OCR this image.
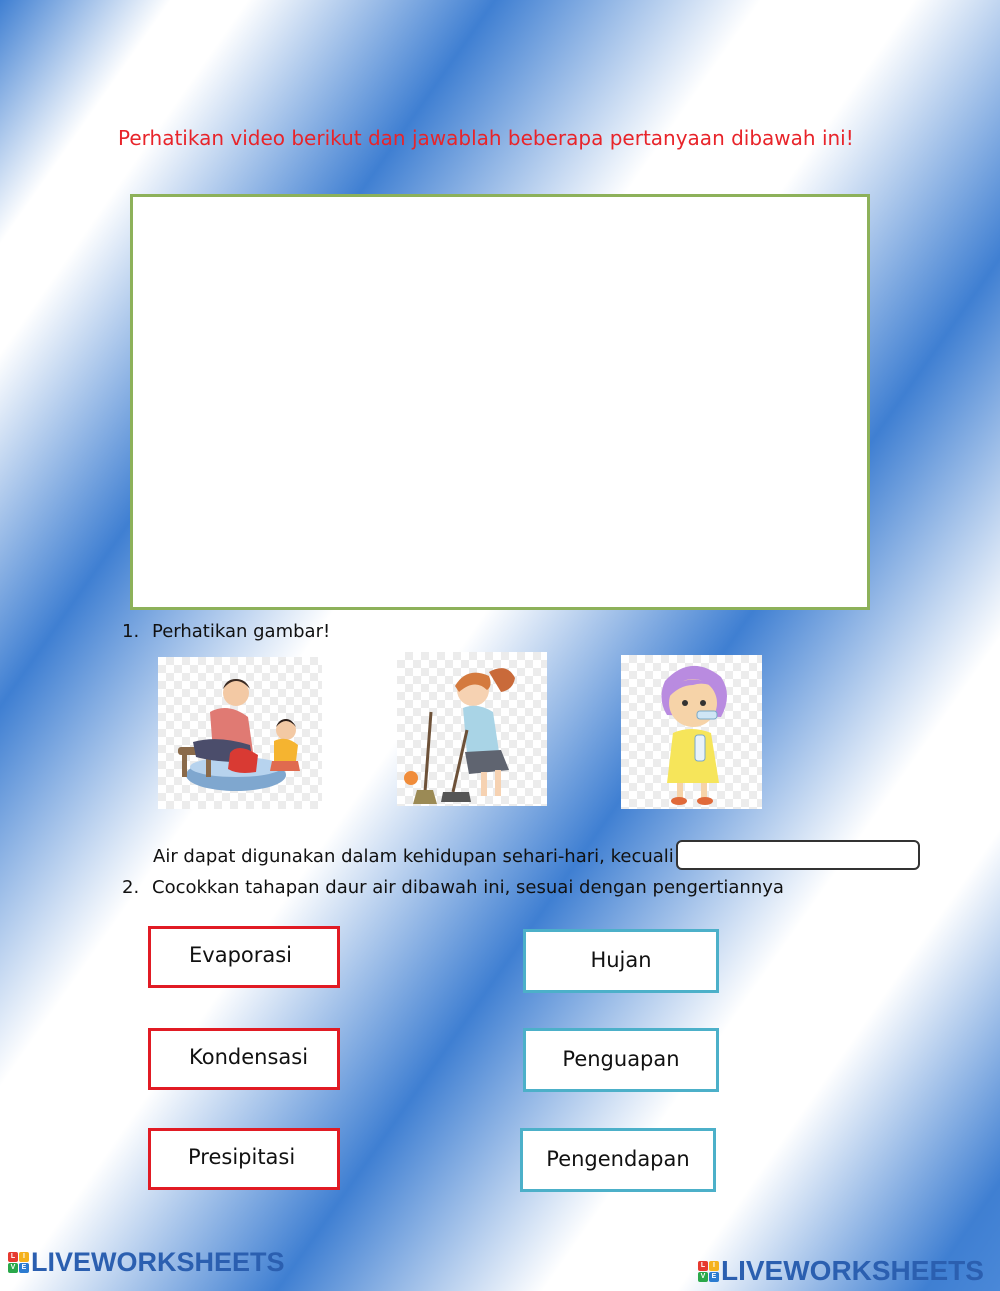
Perhatikan video berikut dan jawablah beberapa pertanyaan dibawah ini!
1. Perhatikan gambar!
Air dapat digunakan dalam kehidupan sehari-hari, kecuali
2. Cocokkan tahapan daur air dibawah ini, sesuai dengan pengertiannya
Evaporasi
Kondensasi
Presipitasi
Hujan
Penguapan
Pengendapan
L	I
V E LIVEWORKSHEETS	L	I
V E LIVEWORKSHEETS
